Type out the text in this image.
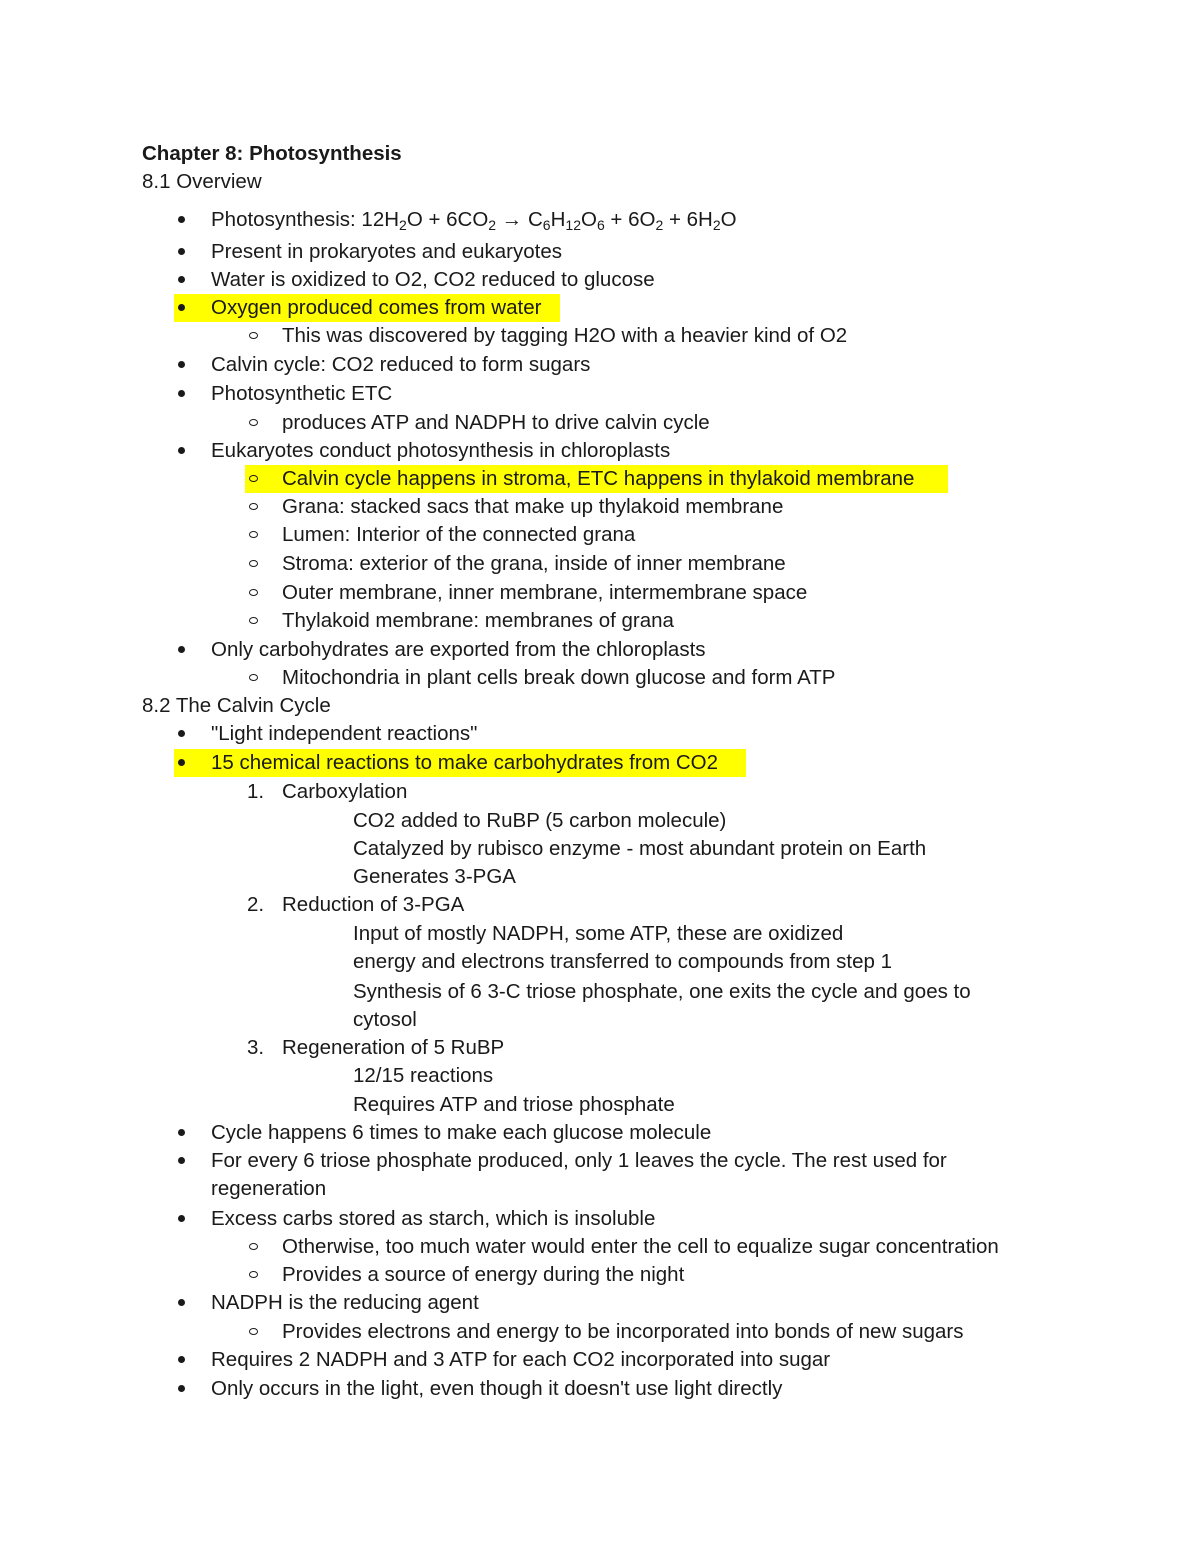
Chapter 8: Photosynthesis
8.1 Overview
Photosynthesis: $12H_2O + 6CO_2 \to C_6H_{12}O_6 + 6O_2 + 6H_2O$
Present in prokaryotes and eukaryotes
Water is oxidized to O2, CO2 reduced to glucose
Oxygen produced comes from water
This was discovered by tagging H2O with a heavier kind of O2
Calvin cycle: CO2 reduced to form sugars
Photosynthetic ETC
produces ATP and NADPH to drive calvin cycle
Eukaryotes conduct photosynthesis in chloroplasts
Calvin cycle happens in stroma, ETC happens in thylakoid membrane
Grana: stacked sacs that make up thylakoid membrane
Lumen: Interior of the connected grana
Stroma: exterior of the grana, inside of inner membrane
Outer membrane, inner membrane, intermembrane space
Thylakoid membrane: membranes of grana
Only carbohydrates are exported from the chloroplasts
Mitochondria in plant cells break down glucose and form ATP
8.2 The Calvin Cycle
"Light independent reactions"
15 chemical reactions to make carbohydrates from CO2
1. Carboxylation
CO2 added to RuBP (5 carbon molecule)
Catalyzed by rubisco enzyme - most abundant protein on Earth
Generates 3-PGA
2. Reduction of 3-PGA
Input of mostly NADPH, some ATP, these are oxidized
energy and electrons transferred to compounds from step 1
Synthesis of 6 3-C triose phosphate, one exits the cycle and goes to
cytosol
3. Regeneration of 5 RuBP
12/15 reactions
Requires ATP and triose phosphate
Cycle happens 6 times to make each glucose molecule
For every 6 triose phosphate produced, only 1 leaves the cycle. The rest used for
regeneration
Excess carbs stored as starch, which is insoluble
Otherwise, too much water would enter the cell to equalize sugar concentration
Provides a source of energy during the night
NADPH is the reducing agent
Provides electrons and energy to be incorporated into bonds of new sugars
Requires 2 NADPH and 3 ATP for each CO2 incorporated into sugar
Only occurs in the light, even though it doesn't use light directly
